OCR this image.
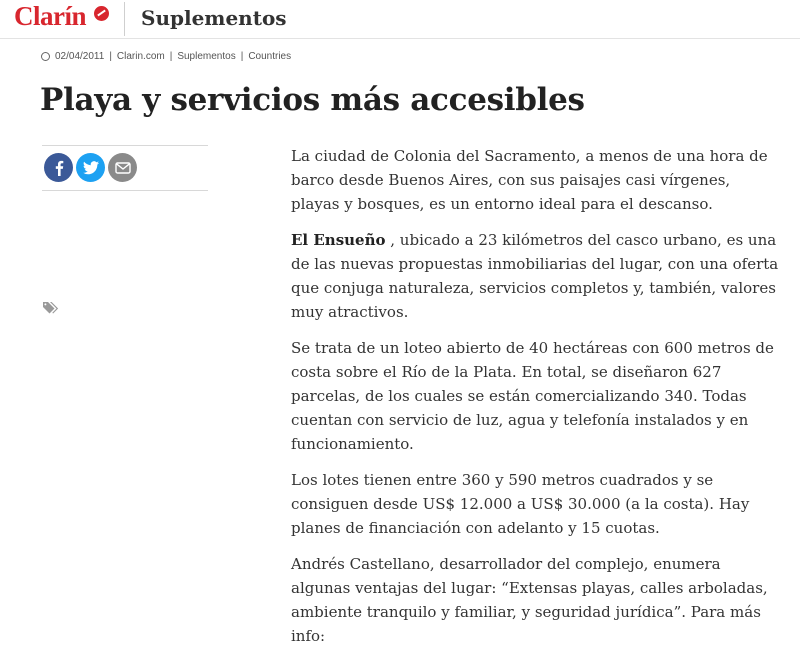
Clarín	Suplementos
02/04/2011 | Clarin.com | Suplementos | Countries
Playa y servicios más accesibles

La ciudad de Colonia del Sacramento, a menos de una hora de barco desde Buenos Aires, con sus paisajes casi vírgenes, playas y bosques, es un entorno ideal para el descanso.

El Ensueño , ubicado a 23 kilómetros del casco urbano, es una de las nuevas propuestas inmobiliarias del lugar, con una oferta que conjuga naturaleza, servicios completos y, también, valores muy atractivos.

Se trata de un loteo abierto de 40 hectáreas con 600 metros de costa sobre el Río de la Plata. En total, se diseñaron 627 parcelas, de los cuales se están comercializando 340. Todas cuentan con servicio de luz, agua y telefonía instalados y en funcionamiento.

Los lotes tienen entre 360 y 590 metros cuadrados y se consiguen desde US$ 12.000 a US$ 30.000 (a la costa). Hay planes de financiación con adelanto y 15 cuotas.

Andrés Castellano, desarrollador del complejo, enumera algunas ventajas del lugar: “Extensas playas, calles arboladas, ambiente tranquilo y familiar, y seguridad jurídica”. Para más info:
